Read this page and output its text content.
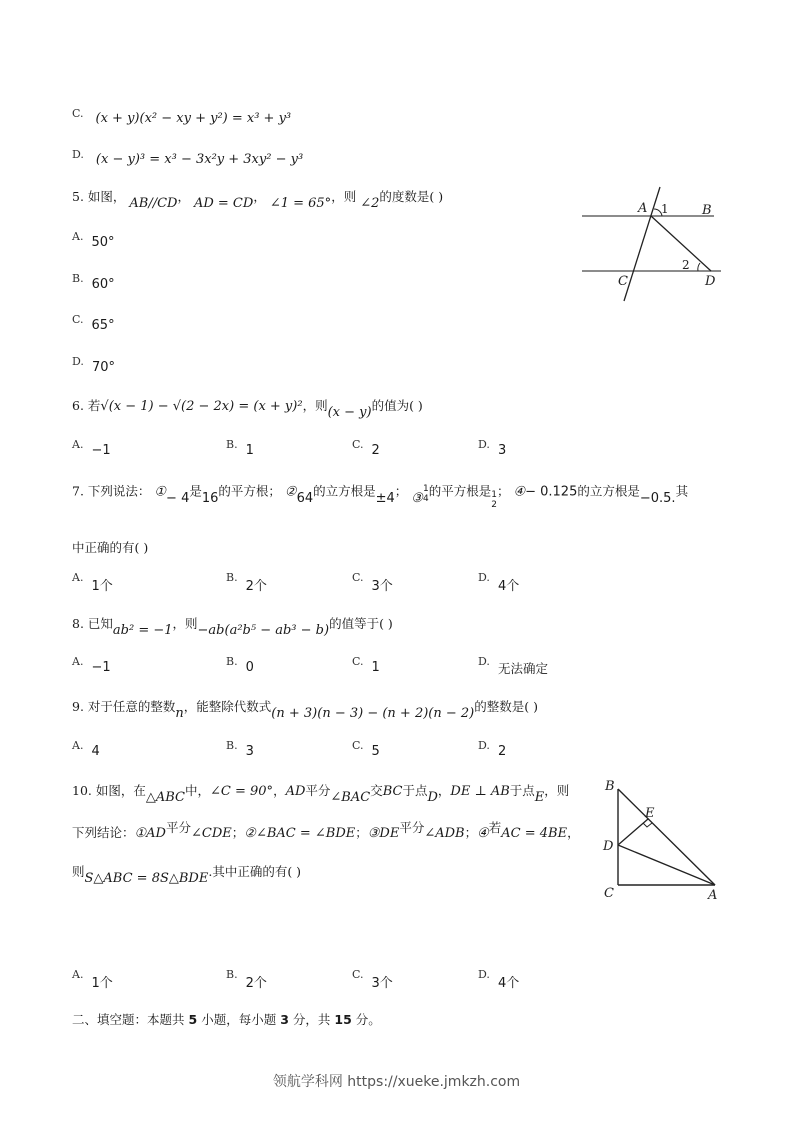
C. (x + y)(x² − xy + y²) = x³ + y³
D. (x − y)³ = x³ − 3x²y + 3xy² − y³
5. 如图， AB//CD， AD = CD， ∠1 = 65°，则 ∠2的度数是( )
A. 50°
B. 60°
C. 65°
D. 70°
A 1	B
2
C	D
6. 若√(x − 1) − √(2 − 2x) = (x + y)²，则(x − y)的值为( )
A. −1	B. 1	C. 2	D. 3
7. 下列说法： ①− 4是16的平方根； ②64的立方根是±4； ③
1
4
的平方根是 1
2
； ④− 0.125的立方根是−0.5.其
中正确的有( )
A.1个
B.2个
C.3个
D.4个
8. 已知ab² = −1，则−ab(a²b⁵ − ab³ − b)的值等于( )
A. −1	B. 0	C. 1	D. 无法确定
9. 对于任意的整数n，能整除代数式(n + 3)(n − 3) − (n + 2)(n − 2)的整数是( )
A. 4	B. 3	C. 5	D. 2
10. 如图，在△ABC中，∠C = 90°，AD平分∠BAC交BC于点D，DE ⊥ AB于点E，则
下列结论：①AD平分∠CDE；②∠BAC = ∠BDE；③DE平分∠ADB；④若AC = 4BE，
则S△ABC = 8S△BDE.其中正确的有( )
B
E
D
C	A
A.1个
B.2个
C.3个
D.4个
二、填空题：本题共 5 小题，每小题 3 分，共 15 分。
领航学科网 https://xueke.jmkzh.com
